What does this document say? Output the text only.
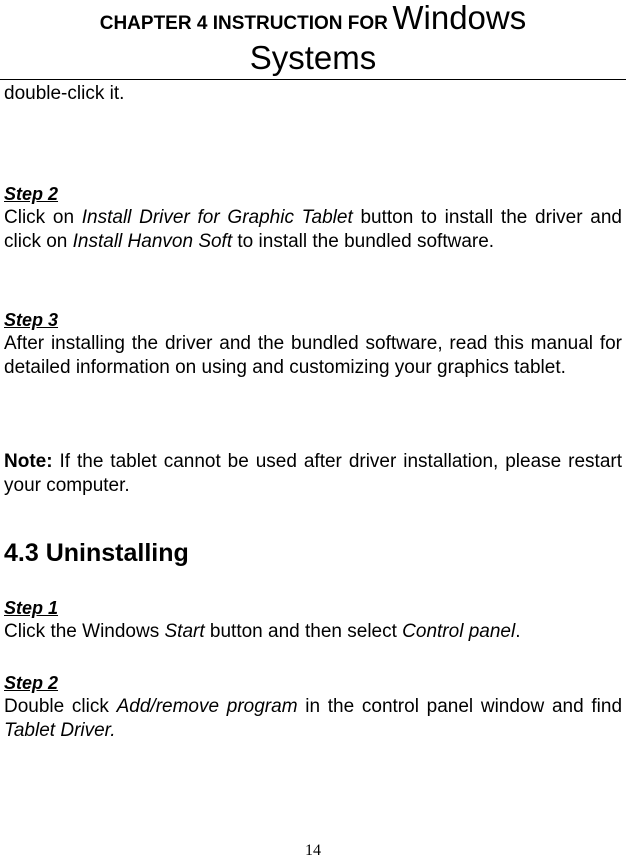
CHAPTER 4 INSTRUCTION FOR Windows
Systems
double-click it.
Step 2
Click on Install Driver for Graphic Tablet button to install the driver and click on Install Hanvon Soft to install the bundled software.
Step 3
After installing the driver and the bundled software, read this manual for detailed information on using and customizing your graphics tablet.
Note: If the tablet cannot be used after driver installation, please restart your computer.
4.3 Uninstalling
Step 1
Click the Windows Start button and then select Control panel.
Step 2
Double click Add/remove program in the control panel window and find Tablet Driver.
14
